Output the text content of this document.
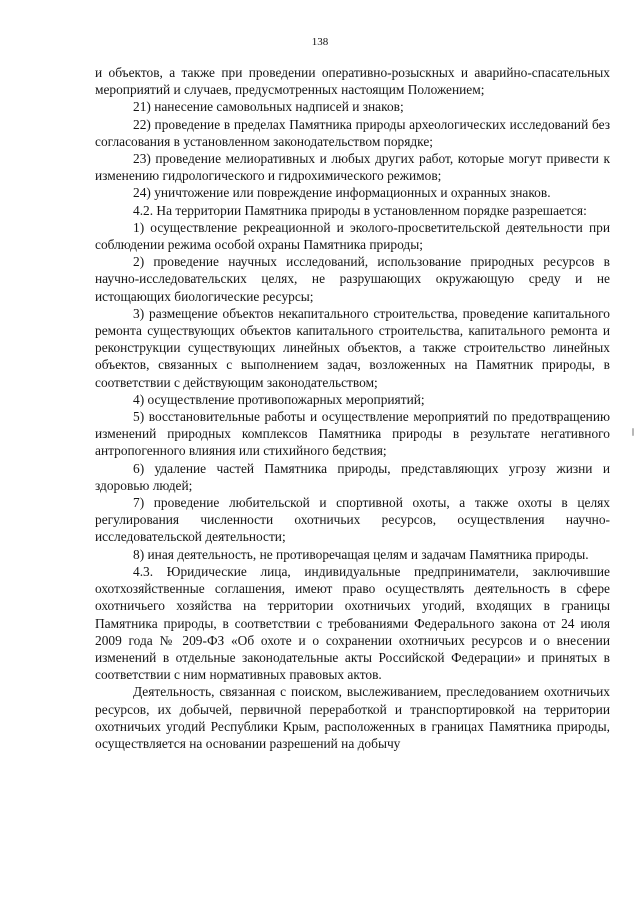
138

и объектов, а также при проведении оперативно-розыскных и аварийно-спасательных мероприятий и случаев, предусмотренных настоящим Положением;

21) нанесение самовольных надписей и знаков;

22) проведение в пределах Памятника природы археологических исследований без согласования в установленном законодательством порядке;

23) проведение мелиоративных и любых других работ, которые могут привести к изменению гидрологического и гидрохимического режимов;

24) уничтожение или повреждение информационных и охранных знаков.

4.2. На территории Памятника природы в установленном порядке разрешается:

1) осуществление рекреационной и эколого-просветительской деятельности при соблюдении режима особой охраны Памятника природы;

2) проведение научных исследований, использование природных ресурсов в научно-исследовательских целях, не разрушающих окружающую среду и не истощающих биологические ресурсы;

3) размещение объектов некапитального строительства, проведение капитального ремонта существующих объектов капитального строительства, капитального ремонта и реконструкции существующих линейных объектов, а также строительство линейных объектов, связанных с выполнением задач, возложенных на Памятник природы, в соответствии с действующим законодательством;

4) осуществление противопожарных мероприятий;

5) восстановительные работы и осуществление мероприятий по предотвращению изменений природных комплексов Памятника природы в результате негативного антропогенного влияния или стихийного бедствия;

6) удаление частей Памятника природы, представляющих угрозу жизни и здоровью людей;

7) проведение любительской и спортивной охоты, а также охоты в целях регулирования численности охотничьих ресурсов, осуществления научно-исследовательской деятельности;

8) иная деятельность, не противоречащая целям и задачам Памятника природы.

4.3. Юридические лица, индивидуальные предприниматели, заключившие охотхозяйственные соглашения, имеют право осуществлять деятельность в сфере охотничьего хозяйства на территории охотничьих угодий, входящих в границы Памятника природы, в соответствии с требованиями Федерального закона от 24 июля 2009 года № 209-ФЗ «Об охоте и о сохранении охотничьих ресурсов и о внесении изменений в отдельные законодательные акты Российской Федерации» и принятых в соответствии с ним нормативных правовых актов.

Деятельность, связанная с поиском, выслеживанием, преследованием охотничьих ресурсов, их добычей, первичной переработкой и транспортировкой на территории охотничьих угодий Республики Крым, расположенных в границах Памятника природы, осуществляется на основании разрешений на добычу
